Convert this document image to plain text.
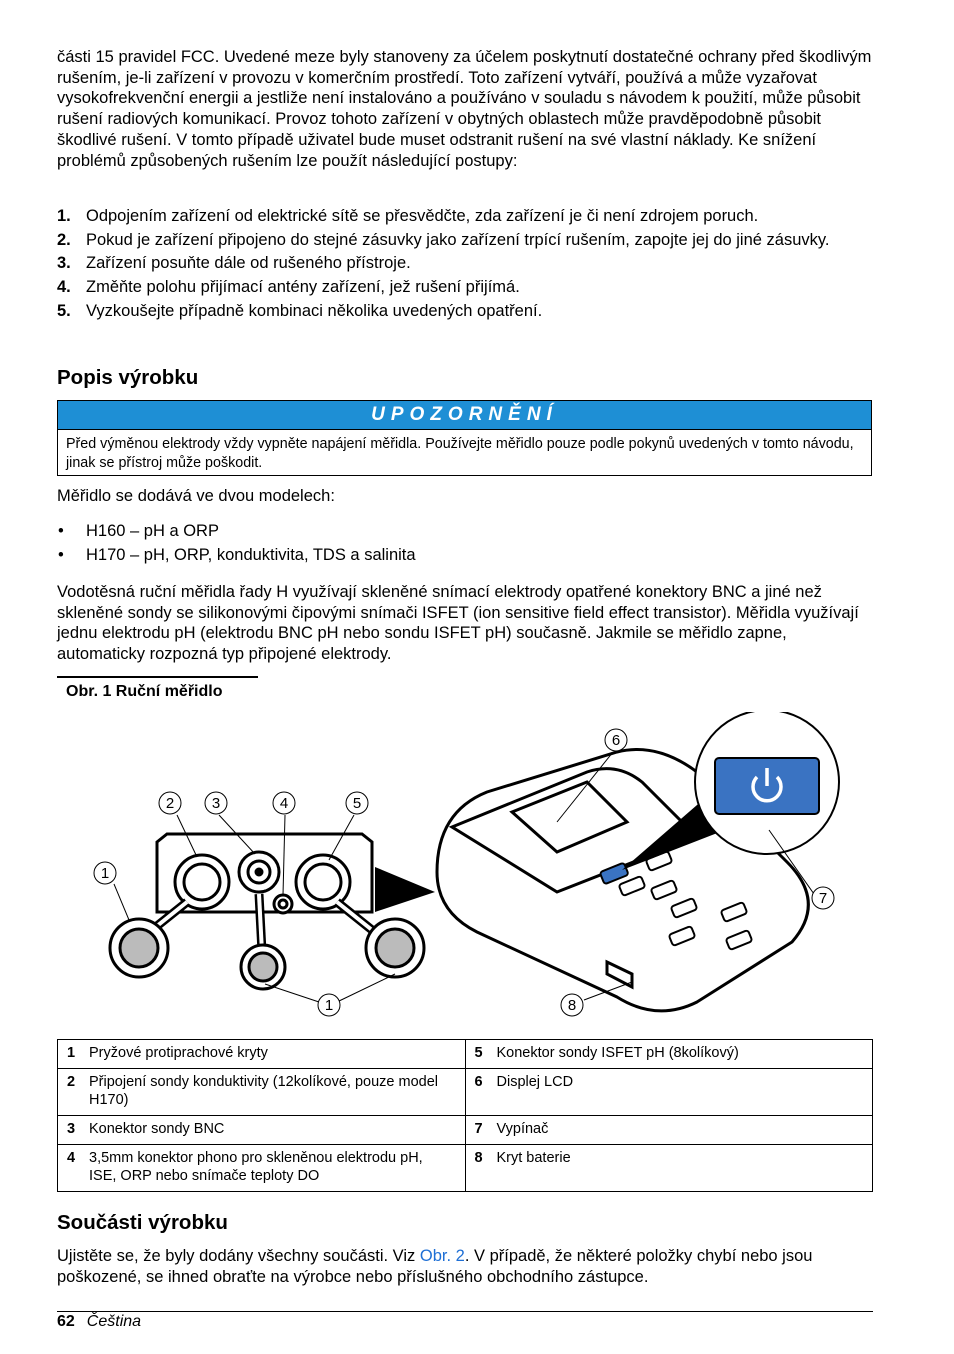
části 15 pravidel FCC. Uvedené meze byly stanoveny za účelem poskytnutí dostatečné ochrany před škodlivým rušením, je-li zařízení v provozu v komerčním prostředí. Toto zařízení vytváří, používá a může vyzařovat vysokofrekvenční energii a jestliže není instalováno a používáno v souladu s návodem k použití, může působit rušení radiových komunikací. Provoz tohoto zařízení v obytných oblastech může pravděpodobně působit škodlivé rušení. V tomto případě uživatel bude muset odstranit rušení na své vlastní náklady. Ke snížení problémů způsobených rušením lze použít následující postupy:
1. Odpojením zařízení od elektrické sítě se přesvědčte, zda zařízení je či není zdrojem poruch.
2. Pokud je zařízení připojeno do stejné zásuvky jako zařízení trpící rušením, zapojte jej do jiné zásuvky.
3. Zařízení posuňte dále od rušeného přístroje.
4. Změňte polohu přijímací antény zařízení, jež rušení přijímá.
5. Vyzkoušejte případně kombinaci několika uvedených opatření.
Popis výrobku
UPOZORNĚNÍ
Před výměnou elektrody vždy vypněte napájení měřidla. Používejte měřidlo pouze podle pokynů uvedených v tomto návodu, jinak se přístroj může poškodit.
Měřidlo se dodává ve dvou modelech:
• H160 – pH a ORP
• H170 – pH, ORP, konduktivita, TDS a salinita
Vodotěsná ruční měřidla řady H využívají skleněné snímací elektrody opatřené konektory BNC a jiné než skleněné sondy se silikonovými čipovými snímači ISFET (ion sensitive field effect transistor). Měřidla využívají jednu elektrodu pH (elektrodu BNC pH nebo sondu ISFET pH) současně. Jakmile se měřidlo zapne, automaticky rozpozná typ připojené elektrody.
Obr. 1 Ruční měřidlo
1
2	3	4	5
6
7
8
1
1 Pryžové protiprachové kryty	5 Konektor sondy ISFET pH (8kolíkový)
2 Připojení sondy konduktivity (12kolíkové, pouze model H170)	6 Displej LCD
3 Konektor sondy BNC	7 Vypínač
4 3,5mm konektor phono pro skleněnou elektrodu pH, ISE, ORP nebo snímače teploty DO	8 Kryt baterie
Součásti výrobku
Ujistěte se, že byly dodány všechny součásti. Viz Obr. 2. V případě, že některé položky chybí nebo jsou poškozené, se ihned obraťte na výrobce nebo příslušného obchodního zástupce.
62 Čeština
